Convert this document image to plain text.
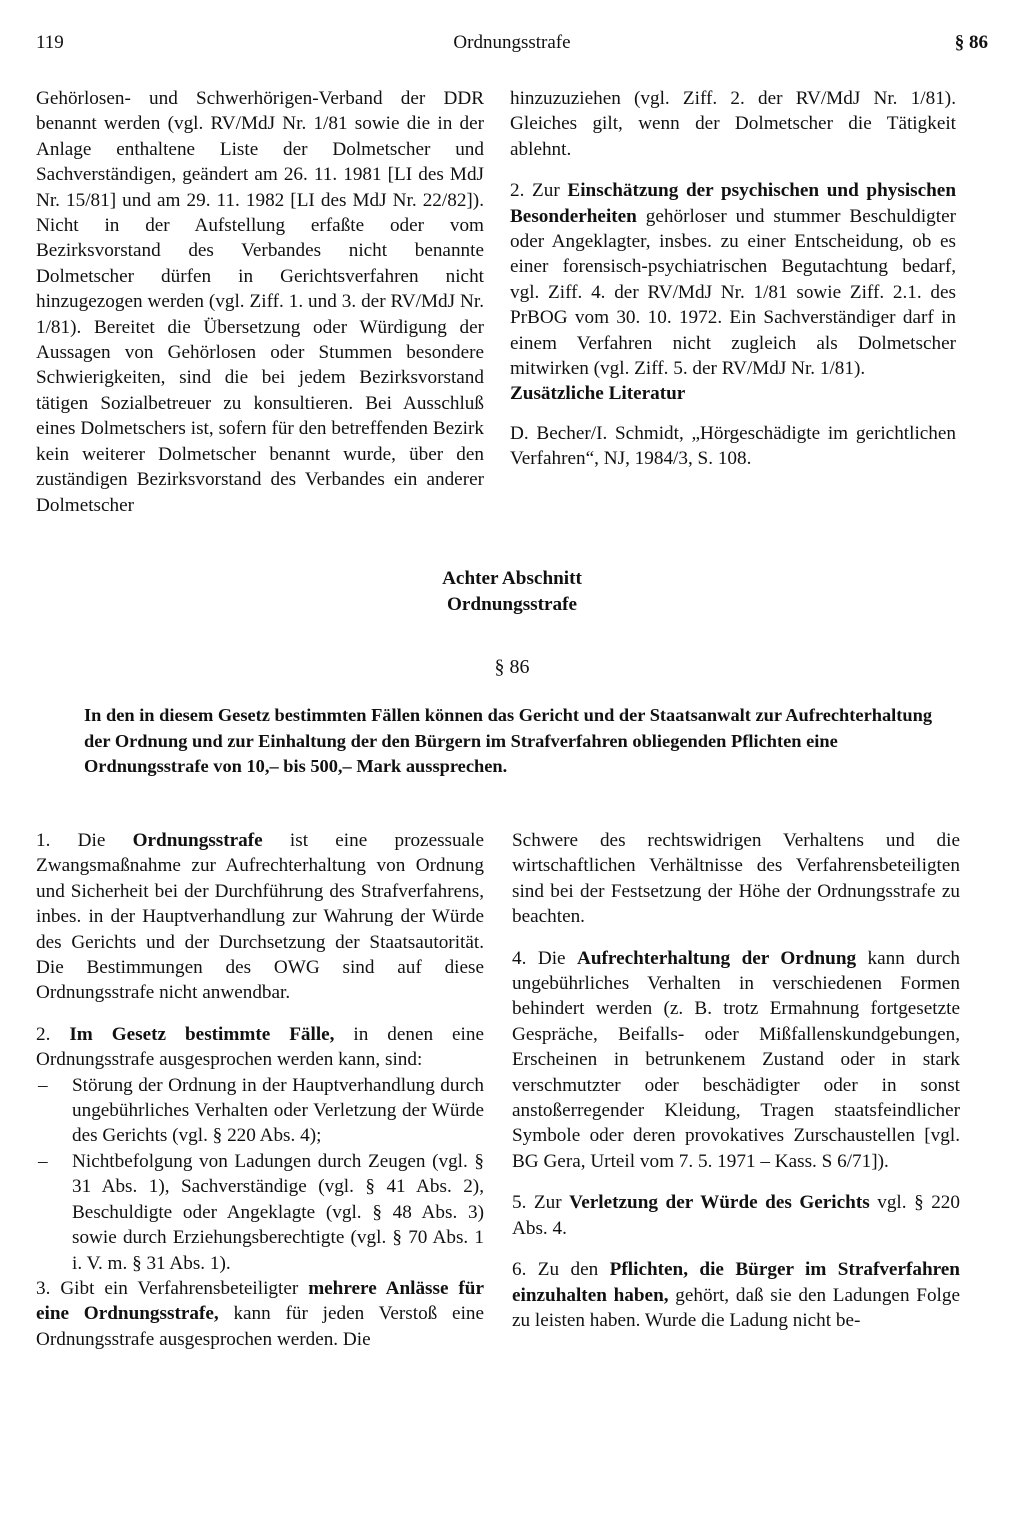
119	Ordnungsstrafe	§ 86

Gehörlosen- und Schwerhörigen-Verband der DDR benannt werden (vgl. RV/MdJ Nr. 1/81 sowie die in der Anlage enthaltene Liste der Dolmetscher und Sachverständigen, geändert am 26. 11. 1981 [LI des MdJ Nr. 15/81] und am 29. 11. 1982 [LI des MdJ Nr. 22/82]). Nicht in der Aufstellung erfaßte oder vom Bezirksvorstand des Verbandes nicht benannte Dolmetscher dürfen in Gerichtsverfahren nicht hinzugezogen werden (vgl. Ziff. 1. und 3. der RV/MdJ Nr. 1/81). Bereitet die Übersetzung oder Würdigung der Aussagen von Gehörlosen oder Stummen besondere Schwierigkeiten, sind die bei jedem Bezirksvorstand tätigen Sozialbetreuer zu konsultieren. Bei Ausschluß eines Dolmetschers ist, sofern für den betreffenden Bezirk kein weiterer Dolmetscher benannt wurde, über den zuständigen Bezirksvorstand des Verbandes ein anderer Dolmetscher

hinzuzuziehen (vgl. Ziff. 2. der RV/MdJ Nr. 1/81). Gleiches gilt, wenn der Dolmetscher die Tätigkeit ablehnt.

2. Zur Einschätzung der psychischen und physischen Besonderheiten gehörloser und stummer Beschuldigter oder Angeklagter, insbes. zu einer Entscheidung, ob es einer forensisch-psychiatrischen Begutachtung bedarf, vgl. Ziff. 4. der RV/MdJ Nr. 1/81 sowie Ziff. 2.1. des PrBOG vom 30. 10. 1972. Ein Sachverständiger darf in einem Verfahren nicht zugleich als Dolmetscher mitwirken (vgl. Ziff. 5. der RV/MdJ Nr. 1/81).

Zusätzliche Literatur

D. Becher/I. Schmidt, „Hörgeschädigte im gerichtlichen Verfahren“, NJ, 1984/3, S. 108.

Achter Abschnitt
Ordnungsstrafe
§ 86
In den in diesem Gesetz bestimmten Fällen können das Gericht und der Staatsanwalt zur Aufrechterhaltung der Ordnung und zur Einhaltung der den Bürgern im Strafverfahren obliegenden Pflichten eine Ordnungsstrafe von 10,– bis 500,– Mark aussprechen.

1. Die Ordnungsstrafe ist eine prozessuale Zwangsmaßnahme zur Aufrechterhaltung von Ordnung und Sicherheit bei der Durchführung des Strafverfahrens, inbes. in der Hauptverhandlung zur Wahrung der Würde des Gerichts und der Durchsetzung der Staatsautorität. Die Bestimmungen des OWG sind auf diese Ordnungsstrafe nicht anwendbar.

2. Im Gesetz bestimmte Fälle, in denen eine Ordnungsstrafe ausgesprochen werden kann, sind:

– Störung der Ordnung in der Hauptverhandlung durch ungebührliches Verhalten oder Verletzung der Würde des Gerichts (vgl. § 220 Abs. 4);
– Nichtbefolgung von Ladungen durch Zeugen (vgl. § 31 Abs. 1), Sachverständige (vgl. § 41 Abs. 2), Beschuldigte oder Angeklagte (vgl. § 48 Abs. 3) sowie durch Erziehungsberechtigte (vgl. § 70 Abs. 1 i. V. m. § 31 Abs. 1).

3. Gibt ein Verfahrensbeteiligter mehrere Anlässe für eine Ordnungsstrafe, kann für jeden Verstoß eine Ordnungsstrafe ausgesprochen werden. Die

Schwere des rechtswidrigen Verhaltens und die wirtschaftlichen Verhältnisse des Verfahrensbeteiligten sind bei der Festsetzung der Höhe der Ordnungsstrafe zu beachten.

4. Die Aufrechterhaltung der Ordnung kann durch ungebührliches Verhalten in verschiedenen Formen behindert werden (z. B. trotz Ermahnung fortgesetzte Gespräche, Beifalls- oder Mißfallenskundgebungen, Erscheinen in betrunkenem Zustand oder in stark verschmutzter oder beschädigter oder in sonst anstoßerregender Kleidung, Tragen staatsfeindlicher Symbole oder deren provokatives Zurschaustellen [vgl. BG Gera, Urteil vom 7. 5. 1971 – Kass. S 6/71]).

5. Zur Verletzung der Würde des Gerichts vgl. § 220 Abs. 4.

6. Zu den Pflichten, die Bürger im Strafverfahren einzuhalten haben, gehört, daß sie den Ladungen Folge zu leisten haben. Wurde die Ladung nicht be-
